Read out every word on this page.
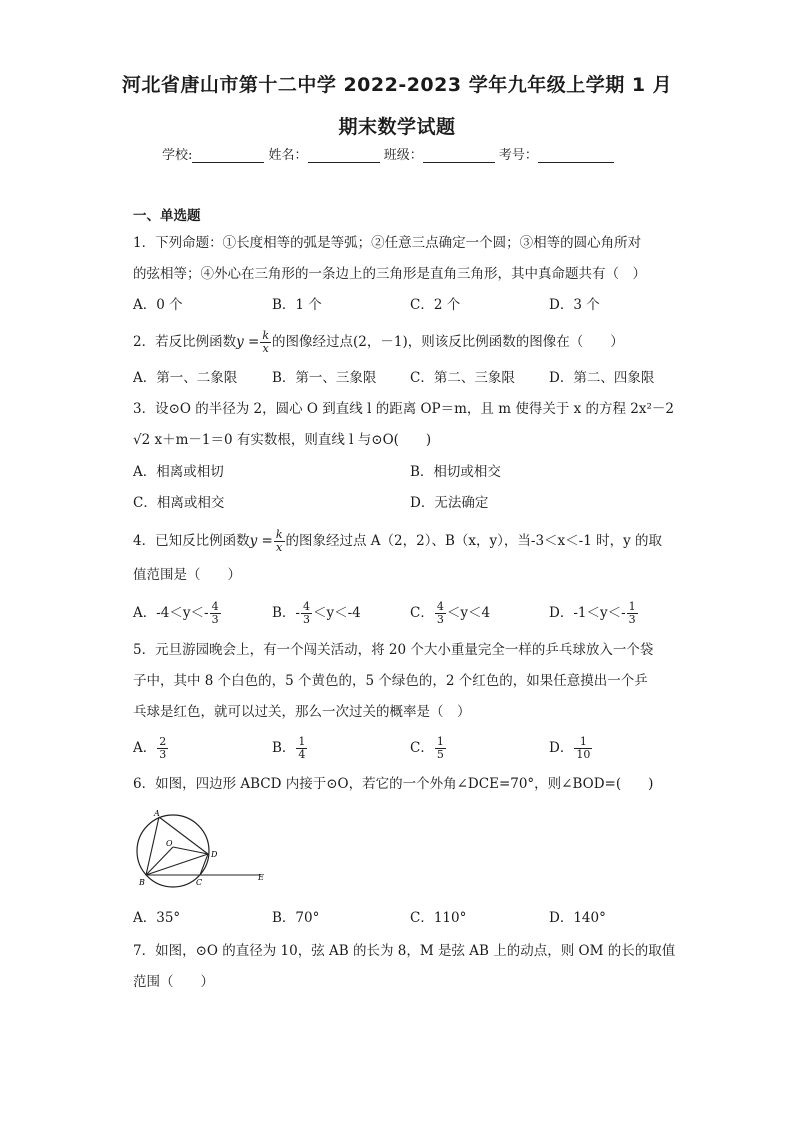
河北省唐山市第十二中学 2022-2023 学年九年级上学期 1 月
期末数学试题
学校:	姓名：	班级：	考号：
一、单选题
1．下列命题：①长度相等的弧是等弧；②任意三点确定一个圆；③相等的圆心角所对
的弦相等；④外心在三角形的一条边上的三角形是直角三角形，其中真命题共有（　）
A．0 个	B．1 个	C．2 个	D．3 个
2．若反比例函数$y = \frac{k}{x}$ 的图像经过点(2，－1)，则该反比例函数的图像在（　　）
A．第一、二象限	B．第一、三象限 C．第二、三象限	D．第二、四象限
3．设⊙O 的半径为 2，圆心 O 到直线 l 的距离 OP＝m，且 m 使得关于 x 的方程 2x²－2
√2 x＋m－1＝0 有实数根，则直线 l 与⊙O(　　)
A．相离或相切	B．相切或相交
C．相离或相交	D．无法确定
4．已知反比例函数$y = \frac{k}{x}$ 的图象经过点 A（2，2）、B（x，y），当-3＜x＜-1 时，y 的取
值范围是（　　）
A．$-4<y<- \frac{4}{3}$	B．- $\frac{4}{3} <y<-4$	C． $\frac{4}{3} <y<4$	D．$-1<y<- \frac{1}{3}$
5．元旦游园晚会上，有一个闯关活动，将 20 个大小重量完全一样的乒乓球放入一个袋
子中，其中 8 个白色的，5 个黄色的，5 个绿色的，2 个红色的，如果任意摸出一个乒
乓球是红色，就可以过关，那么一次过关的概率是（　）
A． $\frac{2}{3}$	B． $\frac{1}{4}$	C． $\frac{1}{5}$	D． $\frac{1}{10}$
6．如图，四边形 ABCD 内接于⊙O，若它的一个外角∠DCE=70°，则∠BOD=(　　)
A
O
D
B	C
E
A．35°	B．70°	C．110°	D．140°
7．如图，⊙O 的直径为 10，弦 AB 的长为 8，M 是弦 AB 上的动点，则 OM 的长的取值
范围（　　）
